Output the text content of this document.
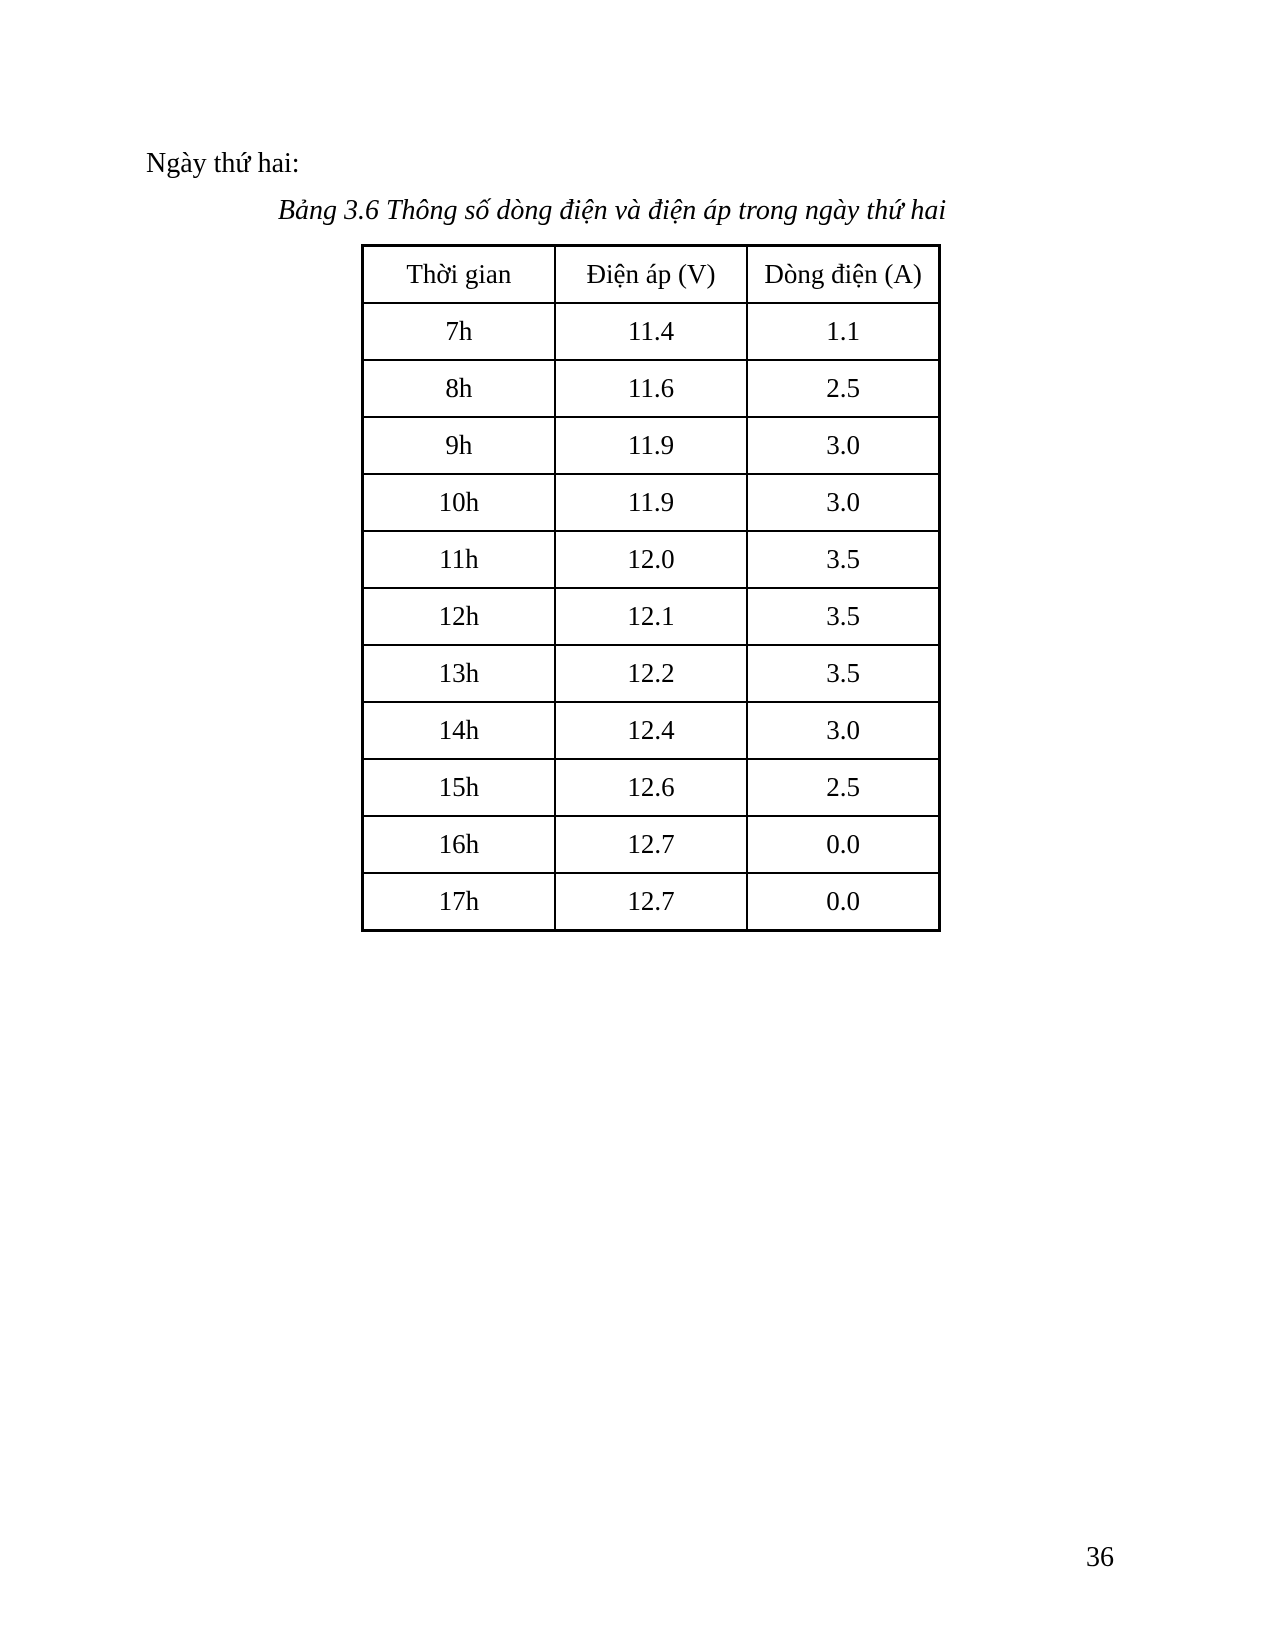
Ngày thứ hai:

Bảng 3.6 Thông số dòng điện và điện áp trong ngày thứ hai

Thời gian	Điện áp (V)	Dòng điện (A)
7h	11.4	1.1
8h	11.6	2.5
9h	11.9	3.0
10h	11.9	3.0
11h	12.0	3.5
12h	12.1	3.5
13h	12.2	3.5
14h	12.4	3.0
15h	12.6	2.5
16h	12.7	0.0
17h	12.7	0.0
36
